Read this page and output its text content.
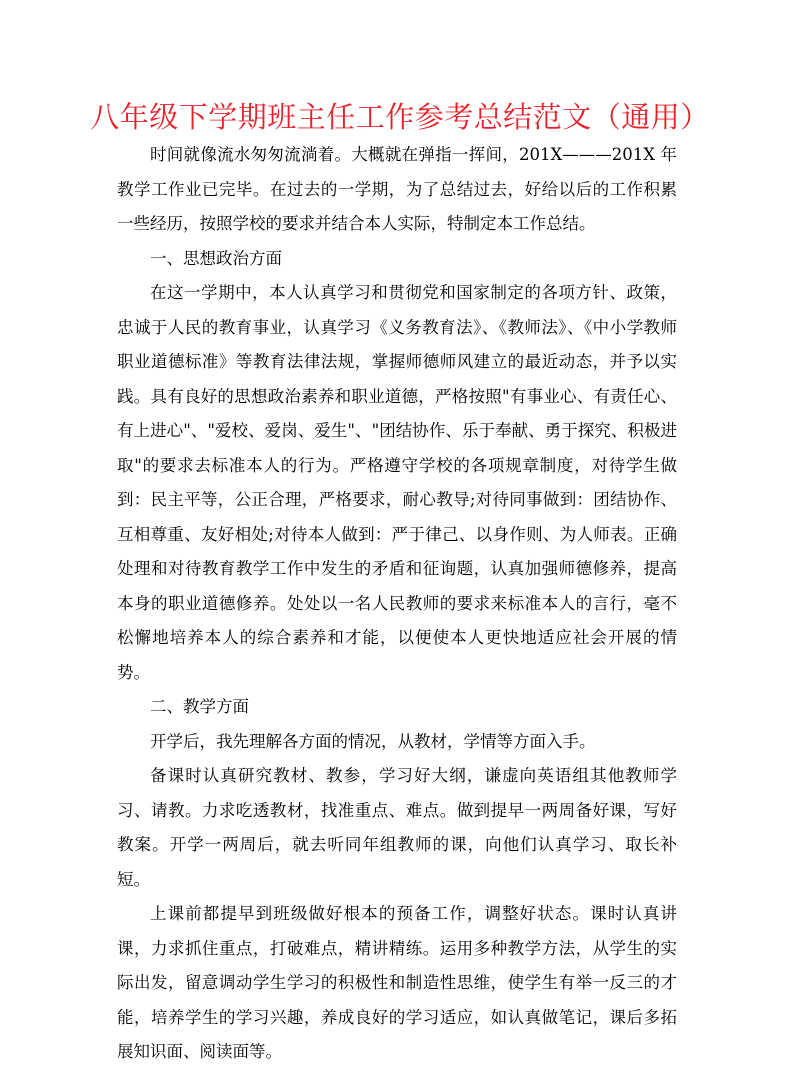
八年级下学期班主任工作参考总结范文（通用）

时间就像流水匆匆流淌着。大概就在弹指一挥间，201X———201X 年教学工作业已完毕。在过去的一学期，为了总结过去，好给以后的工作积累一些经历，按照学校的要求并结合本人实际，特制定本工作总结。

一、思想政治方面

在这一学期中，本人认真学习和贯彻党和国家制定的各项方针、政策，忠诚于人民的教育事业，认真学习《义务教育法》、《教师法》、《中小学教师职业道德标准》等教育法律法规，掌握师德师风建立的最近动态，并予以实践。具有良好的思想政治素养和职业道德，严格按照"有事业心、有责任心、有上进心"、"爱校、爱岗、爱生"、"团结协作、乐于奉献、勇于探究、积极进取"的要求去标准本人的行为。严格遵守学校的各项规章制度，对待学生做到：民主平等，公正合理，严格要求，耐心教导;对待同事做到：团结协作、互相尊重、友好相处;对待本人做到：严于律己、以身作则、为人师表。正确处理和对待教育教学工作中发生的矛盾和征询题，认真加强师德修养，提高本身的职业道德修养。处处以一名人民教师的要求来标准本人的言行，毫不松懈地培养本人的综合素养和才能，以便使本人更快地适应社会开展的情势。

二、教学方面

开学后，我先理解各方面的情况，从教材，学情等方面入手。

备课时认真研究教材、教参，学习好大纲，谦虚向英语组其他教师学习、请教。力求吃透教材，找准重点、难点。做到提早一两周备好课，写好教案。开学一两周后，就去听同年组教师的课，向他们认真学习、取长补短。

上课前都提早到班级做好根本的预备工作，调整好状态。课时认真讲课，力求抓住重点，打破难点，精讲精练。运用多种教学方法，从学生的实际出发，留意调动学生学习的积极性和制造性思维，使学生有举一反三的才能，培养学生的学习兴趣，养成良好的学习适应，如认真做笔记，课后多拓展知识面、阅读面等。
